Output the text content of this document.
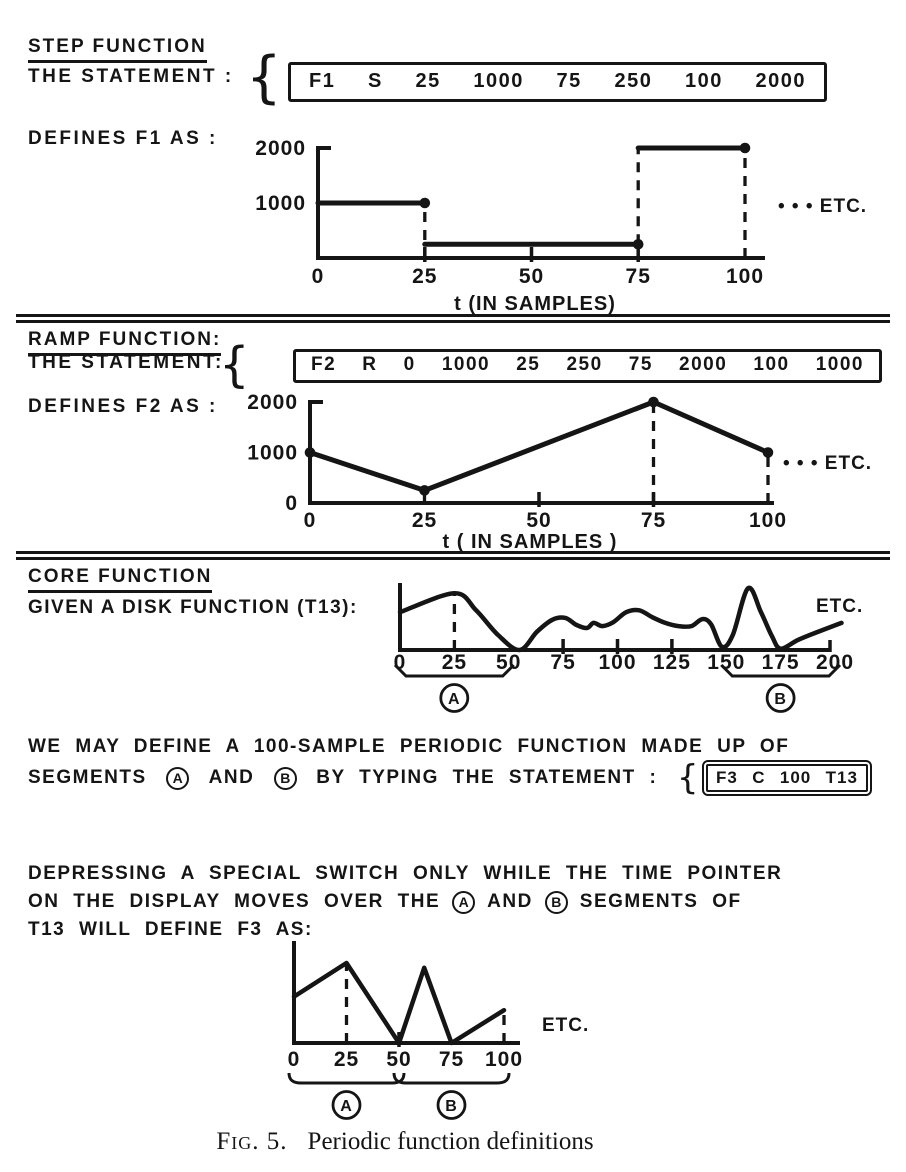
STEP FUNCTION
THE STATEMENT : {	F1 S 25 1000 75 250 100 2000
DEFINES F1 AS :
0	25	50	75	100
1000
2000
t (IN SAMPLES)
• • • ETC.
RAMP FUNCTION:
THE STATEMENT:
{	F2 R 0 1000 25 250 75 2000 100 1000
DEFINES F2 AS :
0	25	50	75	100
0
1000
2000
t ( IN SAMPLES )
• • • ETC.
CORE FUNCTION
GIVEN A DISK FUNCTION (T13):
0 25 50 75 100 125 150 175 200
ETC.
A	B
WE MAY DEFINE A 100-SAMPLE PERIODIC FUNCTION MADE UP OF
SEGMENTS A AND B BY TYPING THE STATEMENT : { F3 C 100 T13
DEPRESSING A SPECIAL SWITCH ONLY WHILE THE TIME POINTER
ON THE DISPLAY MOVES OVER THE A AND B SEGMENTS OF
T13 WILL DEFINE F3 AS:
0 25 50 75 100
ETC.
A	B
Fig. 5. Periodic function definitions
